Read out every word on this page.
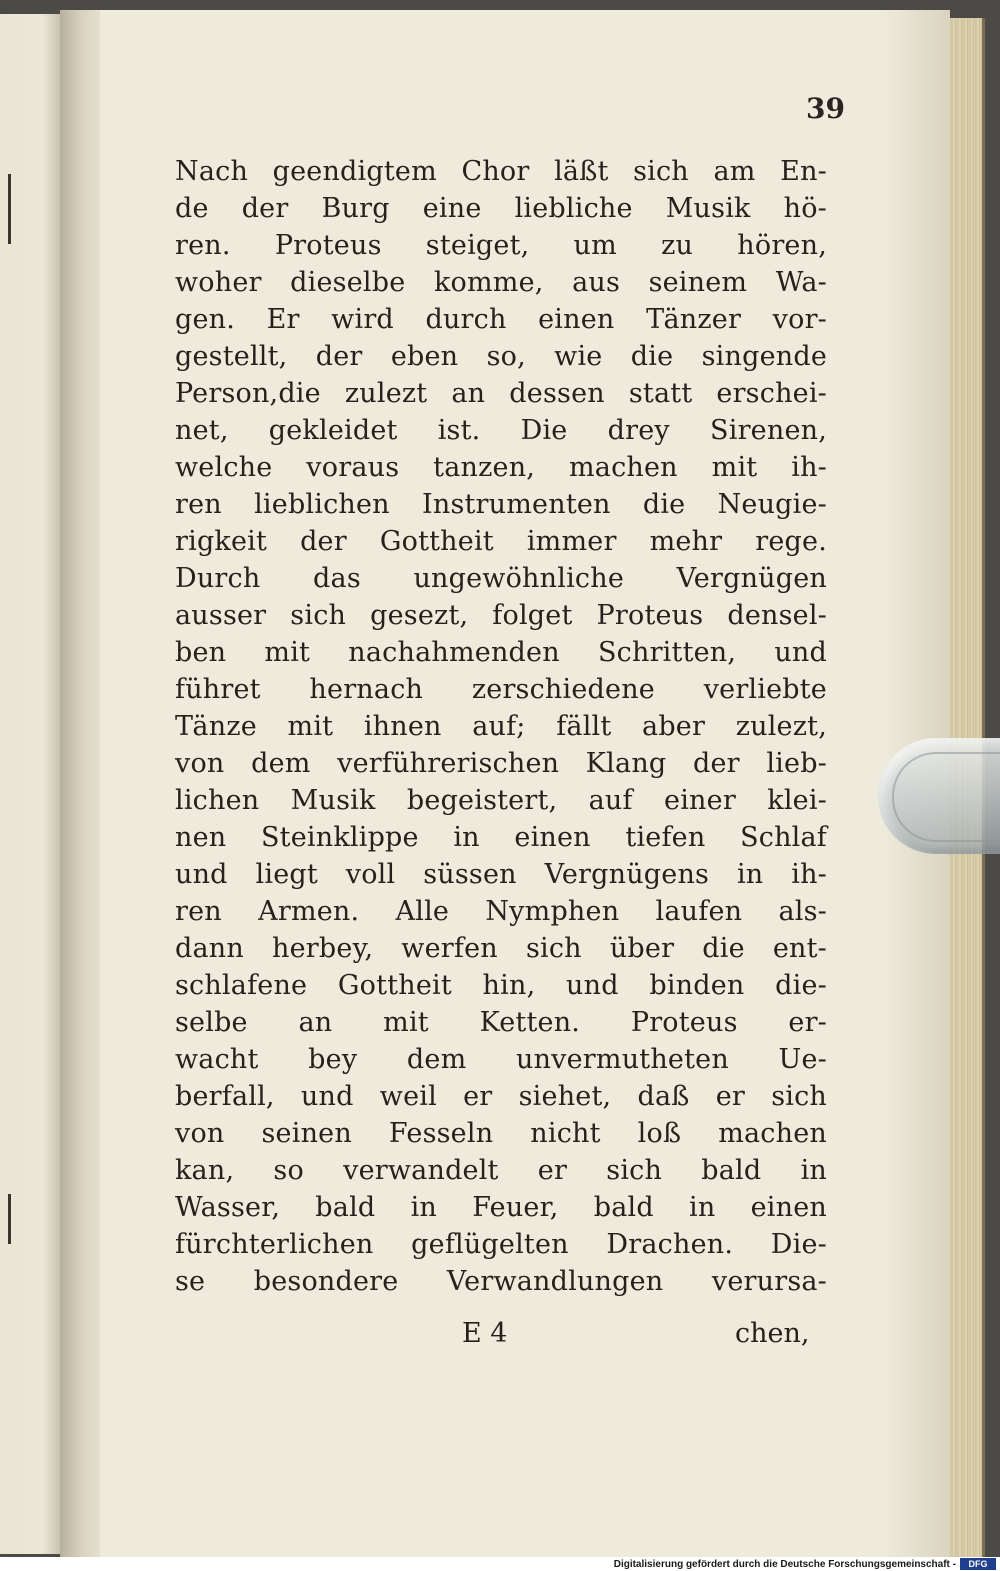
39
Nach geendigtem Chor läßt sich am En-
de der Burg eine liebliche Musik hö-
ren. Proteus steiget, um zu hören,
woher dieselbe komme, aus seinem Wa-
gen. Er wird durch einen Tänzer vor-
gestellt, der eben so, wie die singende
Person,die zulezt an dessen statt erschei-
net, gekleidet ist. Die drey Sirenen,
welche voraus tanzen, machen mit ih-
ren lieblichen Instrumenten die Neugie-
rigkeit der Gottheit immer mehr rege.
Durch das ungewöhnliche Vergnügen
ausser sich gesezt, folget Proteus densel-
ben mit nachahmenden Schritten, und
führet hernach zerschiedene verliebte
Tänze mit ihnen auf; fällt aber zulezt,
von dem verführerischen Klang der lieb-
lichen Musik begeistert, auf einer klei-
nen Steinklippe in einen tiefen Schlaf
und liegt voll süssen Vergnügens in ih-
ren Armen. Alle Nymphen laufen als-
dann herbey, werfen sich über die ent-
schlafene Gottheit hin, und binden die-
selbe an mit Ketten. Proteus er-
wacht bey dem unvermutheten Ue-
berfall, und weil er siehet, daß er sich
von seinen Fesseln nicht loß machen
kan, so verwandelt er sich bald in
Wasser, bald in Feuer, bald in einen
fürchterlichen geflügelten Drachen. Die-
se besondere Verwandlungen verursa-
E 4	chen,
Digitalisierung gefördert durch die Deutsche Forschungsgemeinschaft -	DFG
